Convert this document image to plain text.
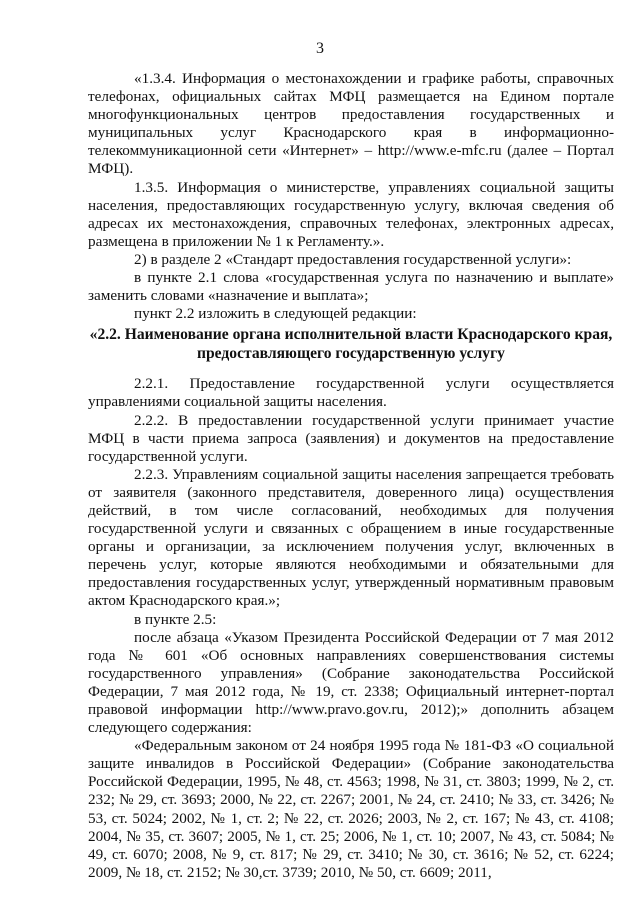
3

«1.3.4. Информация о местонахождении и графике работы, справочных телефонах, официальных сайтах МФЦ размещается на Едином портале многофункциональных центров предоставления государственных и муниципальных услуг Краснодарского края в информационно-телекоммуникационной сети «Интернет» – http://www.e-mfc.ru (далее – Портал МФЦ).

1.3.5. Информация о министерстве, управлениях социальной защиты населения, предоставляющих государственную услугу, включая сведения об адресах их местонахождения, справочных телефонах, электронных адресах, размещена в приложении № 1 к Регламенту.».

2) в разделе 2 «Стандарт предоставления государственной услуги»:

в пункте 2.1 слова «государственная услуга по назначению и выплате» заменить словами «назначение и выплата»;

пункт 2.2 изложить в следующей редакции:

«2.2. Наименование органа исполнительной власти Краснодарского края, предоставляющего государственную услугу

2.2.1. Предоставление государственной услуги осуществляется управлениями социальной защиты населения.

2.2.2. В предоставлении государственной услуги принимает участие МФЦ в части приема запроса (заявления) и документов на предоставление государственной услуги.

2.2.3. Управлениям социальной защиты населения запрещается требовать от заявителя (законного представителя, доверенного лица) осуществления действий, в том числе согласований, необходимых для получения государственной услуги и связанных с обращением в иные государственные органы и организации, за исключением получения услуг, включенных в перечень услуг, которые являются необходимыми и обязательными для предоставления государственных услуг, утвержденный нормативным правовым актом Краснодарского края.»;

в пункте 2.5:

после абзаца «Указом Президента Российской Федерации от 7 мая 2012 года № 601 «Об основных направлениях совершенствования системы государственного управления» (Собрание законодательства Российской Федерации, 7 мая 2012 года, № 19, ст. 2338; Официальный интернет-портал правовой информации http://www.pravo.gov.ru, 2012);» дополнить абзацем следующего содержания:

«Федеральным законом от 24 ноября 1995 года № 181-ФЗ «О социальной защите инвалидов в Российской Федерации» (Собрание законодательства Российской Федерации, 1995, № 48, ст. 4563; 1998, № 31, ст. 3803; 1999, № 2, ст. 232; № 29, ст. 3693; 2000, № 22, ст. 2267; 2001, № 24, ст. 2410; № 33, ст. 3426; № 53, ст. 5024; 2002, № 1, ст. 2; № 22, ст. 2026; 2003, № 2, ст. 167; № 43, ст. 4108; 2004, № 35, ст. 3607; 2005, № 1, ст. 25; 2006, № 1, ст. 10; 2007, № 43, ст. 5084; № 49, ст. 6070; 2008, № 9, ст. 817; № 29, ст. 3410; № 30, ст. 3616; № 52, ст. 6224; 2009, № 18, ст. 2152; № 30,ст. 3739; 2010, № 50, ст. 6609; 2011,
